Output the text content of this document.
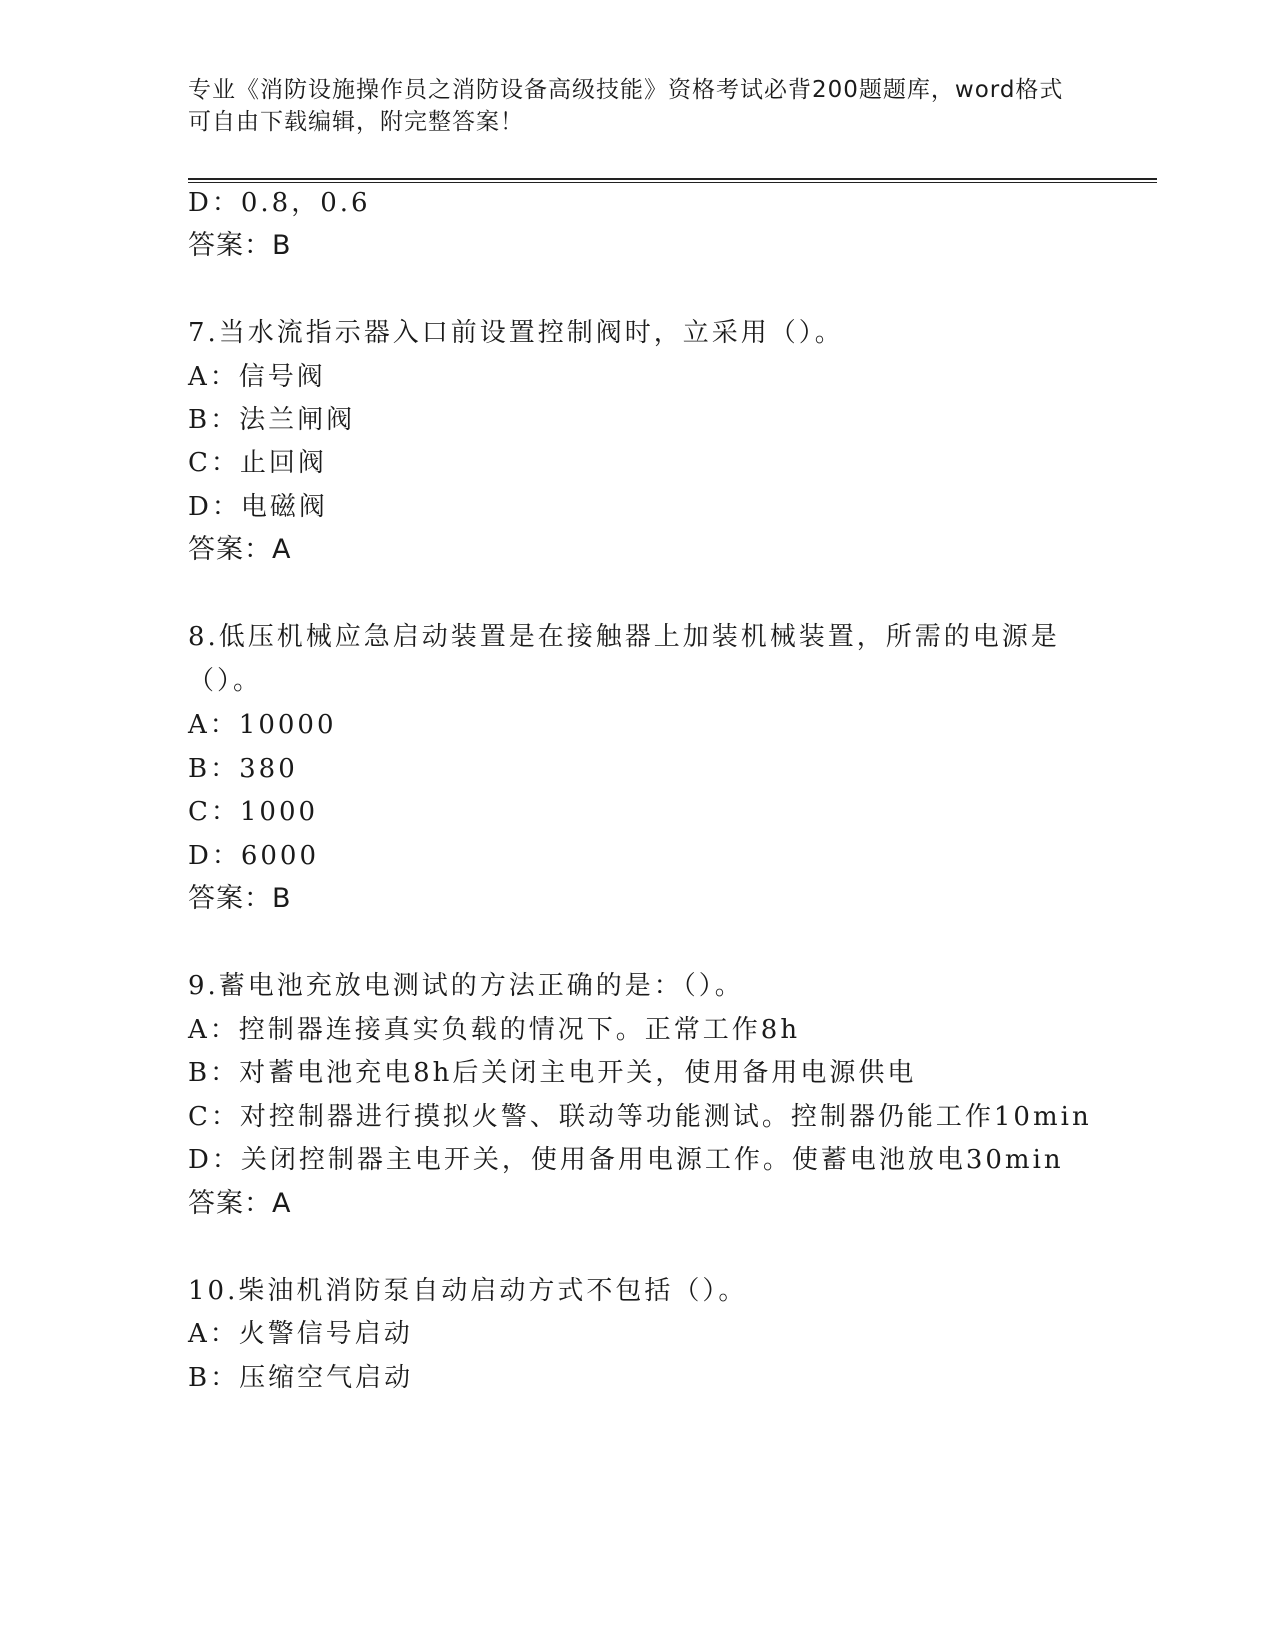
专业《消防设施操作员之消防设备高级技能》资格考试必背200题题库，word格式可自由下载编辑，附完整答案！
D：0.8，0.6
答案：B
7.当水流指示器入口前设置控制阀时，立采用（）。
A：信号阀
B：法兰闸阀
C：止回阀
D：电磁阀
答案：A
8.低压机械应急启动装置是在接触器上加装机械装置，所需的电源是
（）。
A：10000
B：380
C：1000
D：6000
答案：B
9.蓄电池充放电测试的方法正确的是：（）。
A：控制器连接真实负载的情况下。正常工作8h
B：对蓄电池充电8h后关闭主电开关，使用备用电源供电
C：对控制器进行摸拟火警、联动等功能测试。控制器仍能工作10min
D：关闭控制器主电开关，使用备用电源工作。使蓄电池放电30min
答案：A
10.柴油机消防泵自动启动方式不包括（）。
A：火警信号启动
B：压缩空气启动
